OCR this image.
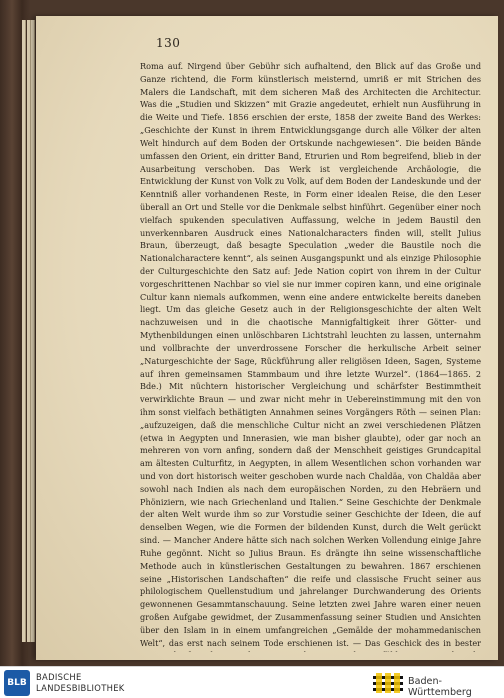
130
Roma auf. Nirgend über Gebühr sich aufhaltend, den Blick auf das Große und Ganze richtend, die Form künstlerisch meisternd, umriß er mit Strichen des Malers die Landschaft, mit dem sicheren Maß des Architecten die Architectur. Was die „Studien und Skizzen“ mit Grazie angedeutet, erhielt nun Ausführung in die Weite und Tiefe. 1856 erschien der erste, 1858 der zweite Band des Werkes: „Geschichte der Kunst in ihrem Entwicklungsgange durch alle Völker der alten Welt hindurch auf dem Boden der Ortskunde nachgewiesen“. Die beiden Bände umfassen den Orient, ein dritter Band, Etrurien und Rom begreifend, blieb in der Ausarbeitung verschoben. Das Werk ist vergleichende Archäologie, die Entwicklung der Kunst von Volk zu Volk, auf dem Boden der Landeskunde und der Kenntniß aller vorhandenen Reste, in Form einer idealen Reise, die den Leser überall an Ort und Stelle vor die Denkmale selbst hinführt. Gegenüber einer noch vielfach spukenden speculativen Auffassung, welche in jedem Baustil den unverkennbaren Ausdruck eines Nationalcharacters finden will, stellt Julius Braun, überzeugt, daß besagte Speculation „weder die Baustile noch die Nationalcharactere kennt“, als seinen Ausgangspunkt und als einzige Philosophie der Culturgeschichte den Satz auf: Jede Nation copirt von ihrem in der Cultur vorgeschrittenen Nachbar so viel sie nur immer copiren kann, und eine originale Cultur kann niemals aufkommen, wenn eine andere entwickelte bereits daneben liegt. Um das gleiche Gesetz auch in der Religionsgeschichte der alten Welt nachzuweisen und in die chaotische Mannigfaltigkeit ihrer Götter- und Mythenbildungen einen unlöschbaren Lichtstrahl leuchten zu lassen, unternahm und vollbrachte der unverdrossene Forscher die herkulische Arbeit seiner „Naturgeschichte der Sage, Rückführung aller religiösen Ideen, Sagen, Systeme auf ihren gemeinsamen Stammbaum und ihre letzte Wurzel“. (1864—1865. 2 Bde.) Mit nüchtern historischer Vergleichung und schärfster Bestimmtheit verwirklichte Braun — und zwar nicht mehr in Uebereinstimmung mit den von ihm sonst vielfach bethätigten Annahmen seines Vorgängers Röth — seinen Plan: „aufzuzeigen, daß die menschliche Cultur nicht an zwei verschiedenen Plätzen (etwa in Aegypten und Innerasien, wie man bisher glaubte), oder gar noch an mehreren von vorn anfing, sondern daß der Menschheit geistiges Grundcapital am ältesten Culturfitz, in Aegypten, in allem Wesentlichen schon vorhanden war und von dort historisch weiter geschoben wurde nach Chaldäa, von Chaldäa aber sowohl nach Indien als nach dem europäischen Norden, zu den Hebräern und Phöniziern, wie nach Griechenland und Italien.“ Seine Geschichte der Denkmale der alten Welt wurde ihm so zur Vorstudie seiner Geschichte der Ideen, die auf denselben Wegen, wie die Formen der bildenden Kunst, durch die Welt gerückt sind. — Mancher Andere hätte sich nach solchen Werken Vollendung einige Jahre Ruhe gegönnt. Nicht so Julius Braun. Es drängte ihn seine wissenschaftliche Methode auch in künstlerischen Gestaltungen zu bewahren. 1867 erschienen seine „Historischen Landschaften“ die reife und classische Frucht seiner aus philologischem Quellenstudium und jahrelanger Durchwanderung des Orients gewonnenen Gesammtanschauung. Seine letzten zwei Jahre waren einer neuen großen Aufgabe gewidmet, der Zusammenfassung seiner Studien und Ansichten über den Islam in in einem umfangreichen „Gemälde der mohammedanischen Welt“, das erst nach seinem Tode erschienen ist. — Das Geschick des in bester
BLB
BADISCHE
LANDESBIBLIOTHEK
Baden-Württemberg
